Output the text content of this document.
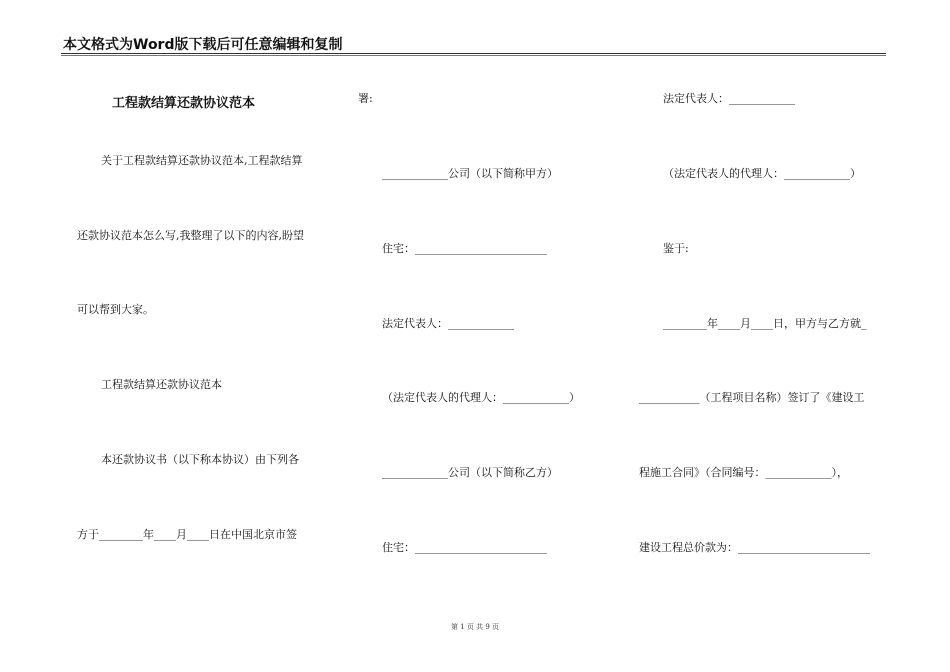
本文格式为Word版下载后可任意编辑和复制
工程款结算还款协议范本
关于工程款结算还款协议范本,工程款结算
还款协议范本怎么写,我整理了以下的内容,盼望
可以帮到大家。
工程款结算还款协议范本
本还款协议书（以下称本协议）由下列各
方于________年____月____日在中国北京市签
署:
____________公司（以下简称甲方）
住宅：________________________
法定代表人：____________
（法定代表人的代理人：____________）
____________公司（以下简称乙方）
住宅：________________________
法定代表人：____________
（法定代表人的代理人：____________）
鉴于:
________年____月____日，甲方与乙方就_
___________（工程项目名称）签订了《建设工
程施工合同》（合同编号：____________），
建设工程总价款为：________________________
第 1 页 共 9 页
